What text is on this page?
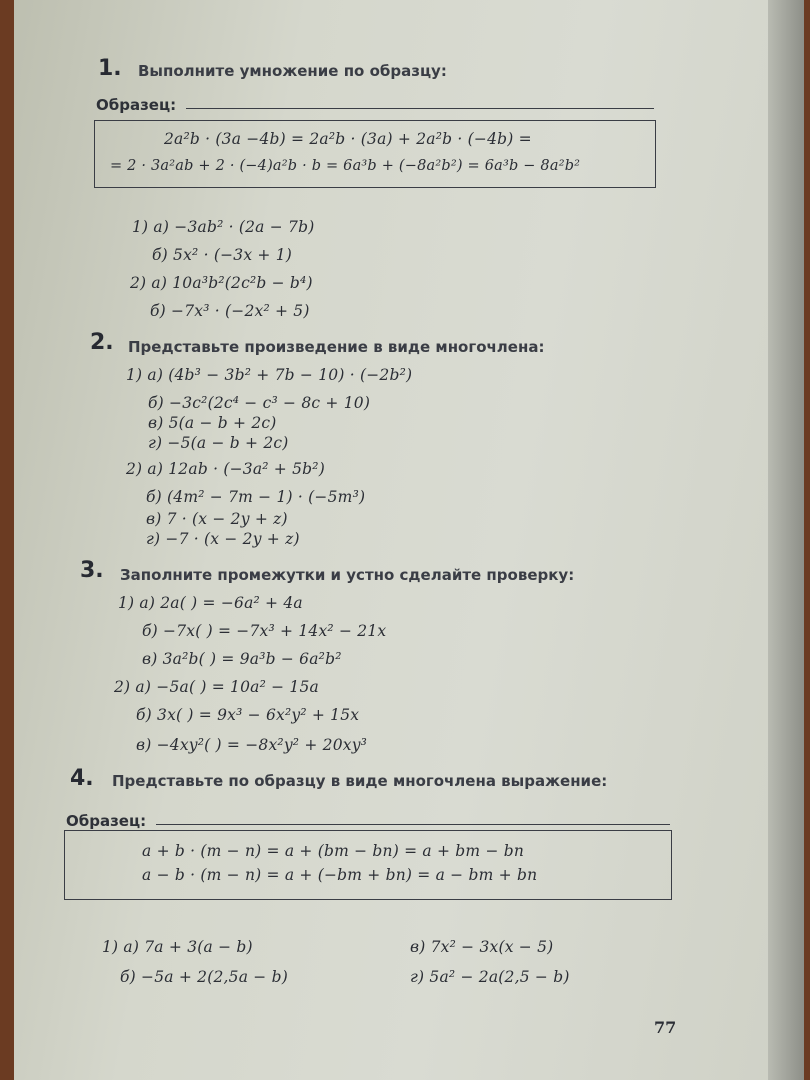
1. Выполните умножение по образцу:
Образец:
2a²b · (3a −4b) = 2a²b · (3a) + 2a²b · (−4b) =
= 2 · 3a²ab + 2 · (−4)a²b · b = 6a³b + (−8a²b²) = 6a³b − 8a²b²
1) а) −3ab² · (2a − 7b)
б) 5x² · (−3x + 1)
2) а) 10a³b²(2c²b − b⁴)
б) −7x³ · (−2x² + 5)
2. Представьте произведение в виде многочлена:
1) а) (4b³ − 3b² + 7b − 10) · (−2b²)
б) −3c²(2c⁴ − c³ − 8c + 10)
в) 5(a − b + 2c)
г) −5(a − b + 2c)
2) а) 12ab · (−3a² + 5b²)
б) (4m² − 7m − 1) · (−5m³)
в) 7 · (x − 2y + z)
г) −7 · (x − 2y + z)
3. Заполните промежутки и устно сделайте проверку:
1) а) 2a( ) = −6a² + 4a
б) −7x( ) = −7x³ + 14x² − 21x
в) 3a²b( ) = 9a³b − 6a²b²
2) а) −5a( ) = 10a² − 15a
б) 3x( ) = 9x³ − 6x²y² + 15x
в) −4xy²( ) = −8x²y² + 20xy³
4. Представьте по образцу в виде многочлена выражение:
Образец:
a + b · (m − n) = a + (bm − bn) = a + bm − bn
a − b · (m − n) = a + (−bm + bn) = a − bm + bn
1) а) 7a + 3(a − b)
б) −5a + 2(2,5a − b)
в) 7x² − 3x(x − 5)
г) 5a² − 2a(2,5 − b)
77
